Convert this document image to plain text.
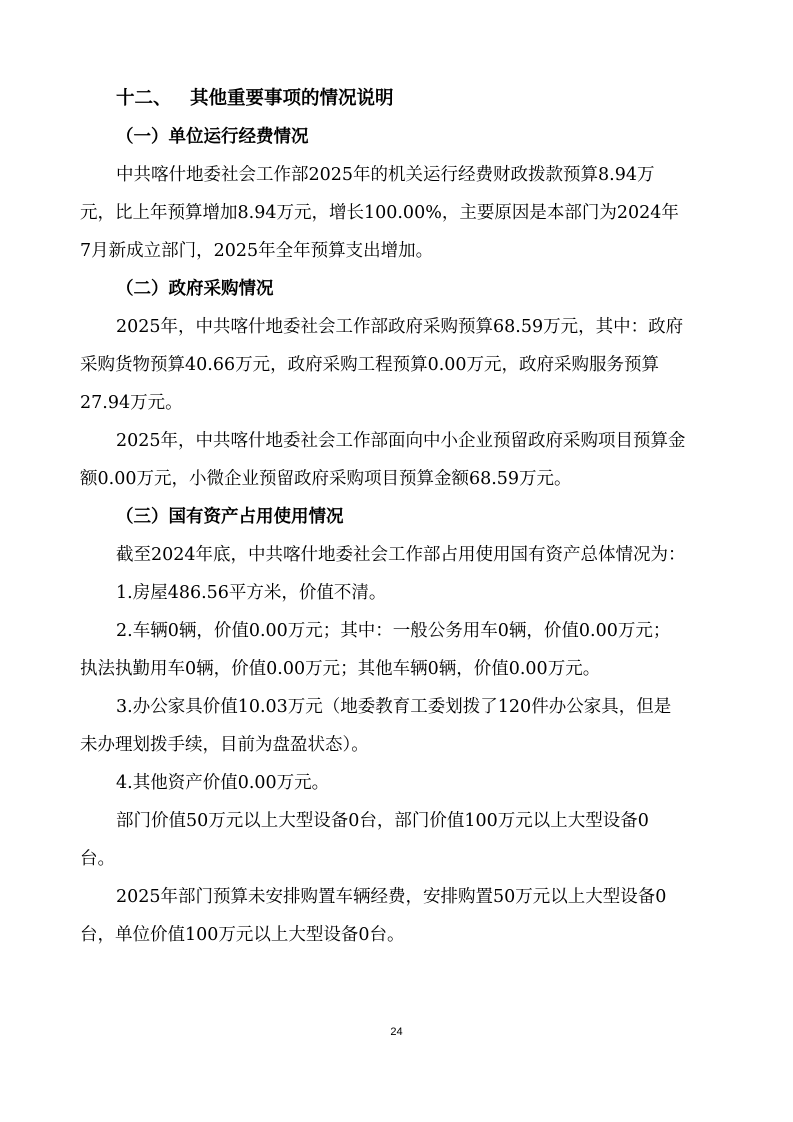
十二、 其他重要事项的情况说明
（一）单位运行经费情况
中共喀什地委社会工作部2025年的机关运行经费财政拨款预算8.94万
元，比上年预算增加8.94万元，增长100.00%，主要原因是本部门为2024年
7月新成立部门，2025年全年预算支出增加。
（二）政府采购情况
2025年，中共喀什地委社会工作部政府采购预算68.59万元，其中：政府
采购货物预算40.66万元，政府采购工程预算0.00万元，政府采购服务预算
27.94万元。
2025年，中共喀什地委社会工作部面向中小企业预留政府采购项目预算金
额0.00万元，小微企业预留政府采购项目预算金额68.59万元。
（三）国有资产占用使用情况
截至2024年底，中共喀什地委社会工作部占用使用国有资产总体情况为：
1.房屋486.56平方米，价值不清。
2.车辆0辆，价值0.00万元；其中：一般公务用车0辆，价值0.00万元；
执法执勤用车0辆，价值0.00万元；其他车辆0辆，价值0.00万元。
3.办公家具价值10.03万元（地委教育工委划拨了120件办公家具，但是
未办理划拨手续，目前为盘盈状态）。
4.其他资产价值0.00万元。
部门价值50万元以上大型设备0台，部门价值100万元以上大型设备0
台。
2025年部门预算未安排购置车辆经费，安排购置50万元以上大型设备0
台，单位价值100万元以上大型设备0台。
24
